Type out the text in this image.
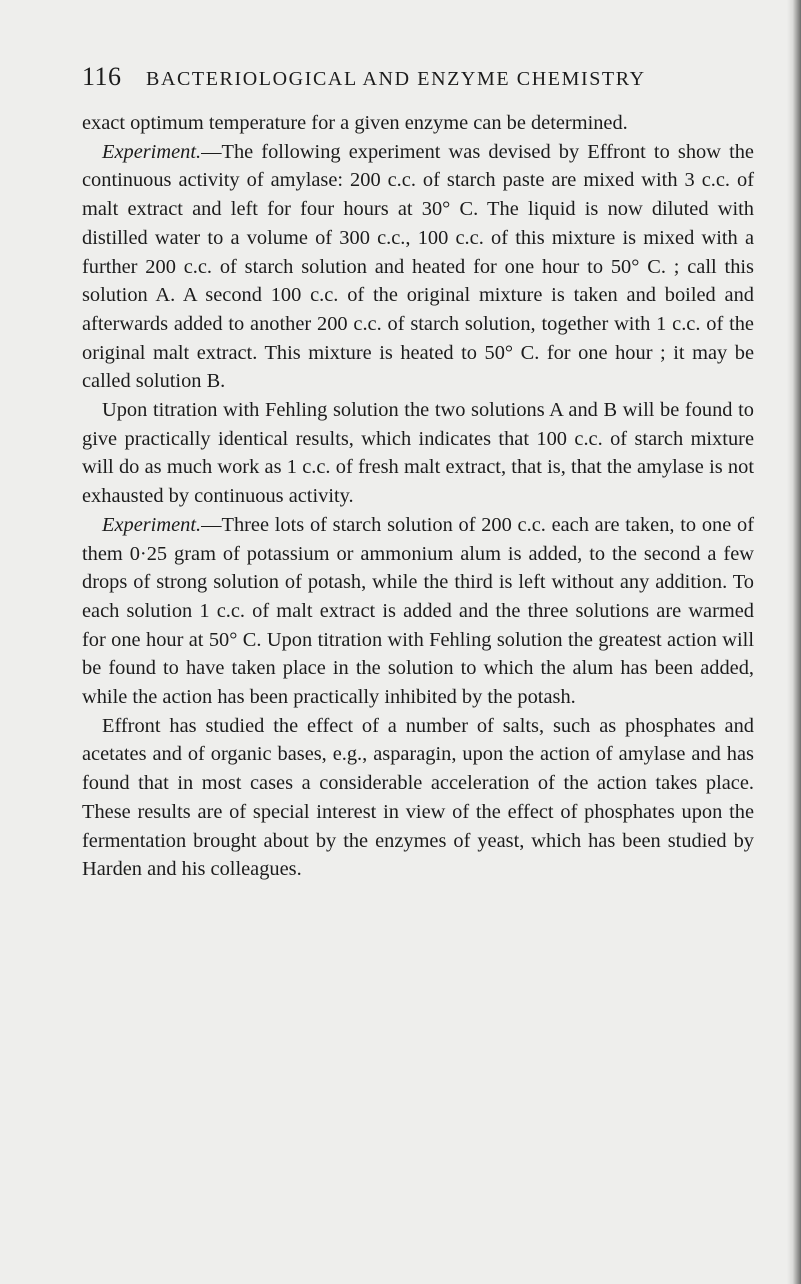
116 BACTERIOLOGICAL AND ENZYME CHEMISTRY

exact optimum temperature for a given enzyme can be determined.

Experiment.—The following experiment was devised by Effront to show the continuous activity of amylase: 200 c.c. of starch paste are mixed with 3 c.c. of malt extract and left for four hours at 30° C. The liquid is now diluted with distilled water to a volume of 300 c.c., 100 c.c. of this mixture is mixed with a further 200 c.c. of starch solution and heated for one hour to 50° C. ; call this solution A. A second 100 c.c. of the original mixture is taken and boiled and afterwards added to another 200 c.c. of starch solution, together with 1 c.c. of the original malt extract. This mixture is heated to 50° C. for one hour ; it may be called solution B.

Upon titration with Fehling solution the two solutions A and B will be found to give practically identical results, which indicates that 100 c.c. of starch mixture will do as much work as 1 c.c. of fresh malt extract, that is, that the amylase is not exhausted by continuous activity.

Experiment.—Three lots of starch solution of 200 c.c. each are taken, to one of them 0·25 gram of potassium or ammonium alum is added, to the second a few drops of strong solution of potash, while the third is left without any addition. To each solution 1 c.c. of malt extract is added and the three solutions are warmed for one hour at 50° C. Upon titration with Fehling solution the greatest action will be found to have taken place in the solution to which the alum has been added, while the action has been practically inhibited by the potash.

Effront has studied the effect of a number of salts, such as phosphates and acetates and of organic bases, e.g., asparagin, upon the action of amylase and has found that in most cases a considerable acceleration of the action takes place. These results are of special interest in view of the effect of phosphates upon the fermentation brought about by the enzymes of yeast, which has been studied by Harden and his colleagues.
